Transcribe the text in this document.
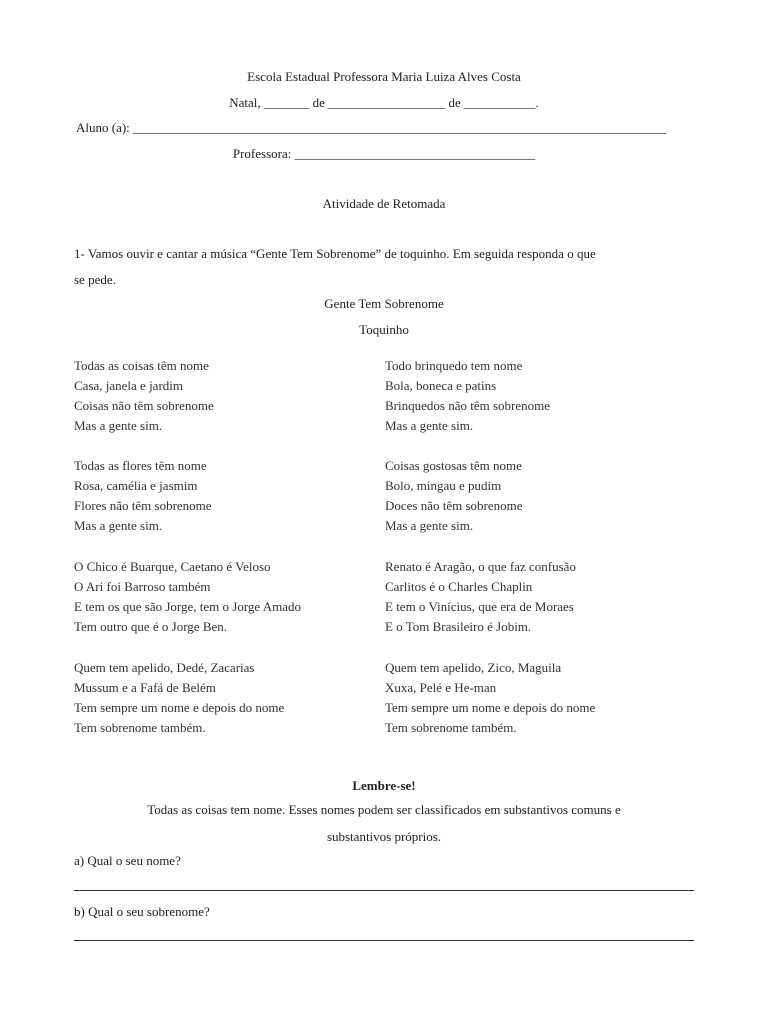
Escola Estadual Professora Maria Luiza Alves Costa
Natal, _______ de __________________ de ___________.
Aluno (a): __________________________________________________________________________________
Professora: _____________________________________
Atividade de Retomada
1- Vamos ouvir e cantar a música “Gente Tem Sobrenome” de toquinho. Em seguida responda o que
se pede.
Gente Tem Sobrenome
Toquinho
Todas as coisas têm nome
Casa, janela e jardim
Coisas não têm sobrenome
Mas a gente sim.
Todas as flores têm nome
Rosa, camélia e jasmim
Flores não têm sobrenome
Mas a gente sim.
O Chico é Buarque, Caetano é Veloso
O Ari foi Barroso também
E tem os que são Jorge, tem o Jorge Amado
Tem outro que é o Jorge Ben.
Quem tem apelido, Dedé, Zacarias
Mussum e a Fafá de Belém
Tem sempre um nome e depois do nome
Tem sobrenome também.
Todo brinquedo tem nome
Bola, boneca e patins
Brinquedos não têm sobrenome
Mas a gente sim.
Coisas gostosas têm nome
Bolo, mingau e pudim
Doces não têm sobrenome
Mas a gente sim.
Renato é Aragão, o que faz confusão
Carlitos é o Charles Chaplin
E tem o Vinícius, que era de Moraes
E o Tom Brasileiro é Jobim.
Quem tem apelido, Zico, Maguila
Xuxa, Pelé e He-man
Tem sempre um nome e depois do nome
Tem sobrenome também.
Lembre-se!
Todas as coisas tem nome. Esses nomes podem ser classificados em substantivos comuns e
substantivos próprios.
a) Qual o seu nome?
b) Qual o seu sobrenome?
